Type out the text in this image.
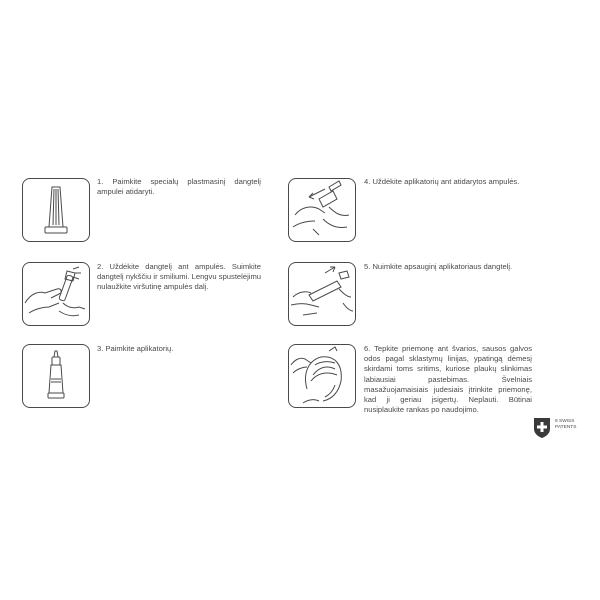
1. Paimkite specialų plastmasinį dangtelį ampulei atidaryti.
2. Uždėkite dangtelį ant ampulės. Suimkite dangtelį nykščiu ir smiliumi. Lengvu spustelėjimu nulaužkite viršutinę ampulės dalį.
3. Paimkite aplikatorių.
4. Uždėkite aplikatorių ant atidarytos ampulės.
5. Nuimkite apsauginį aplikatoriaus dangtelį.
6. Tepkite priemonę ant švarios, sausos galvos odos pagal sklastymų linijas, ypatingą dėmesį skirdami toms sritims, kuriose plaukų slinkimas labiausiai pastebimas. Švelniais masažuojamaisiais judesiais įtrinkite priemonę, kad ji geriau įsigertų. Neplauti. Būtinai nusiplaukite rankas po naudojimo.
8 SWISS
PATENTS
